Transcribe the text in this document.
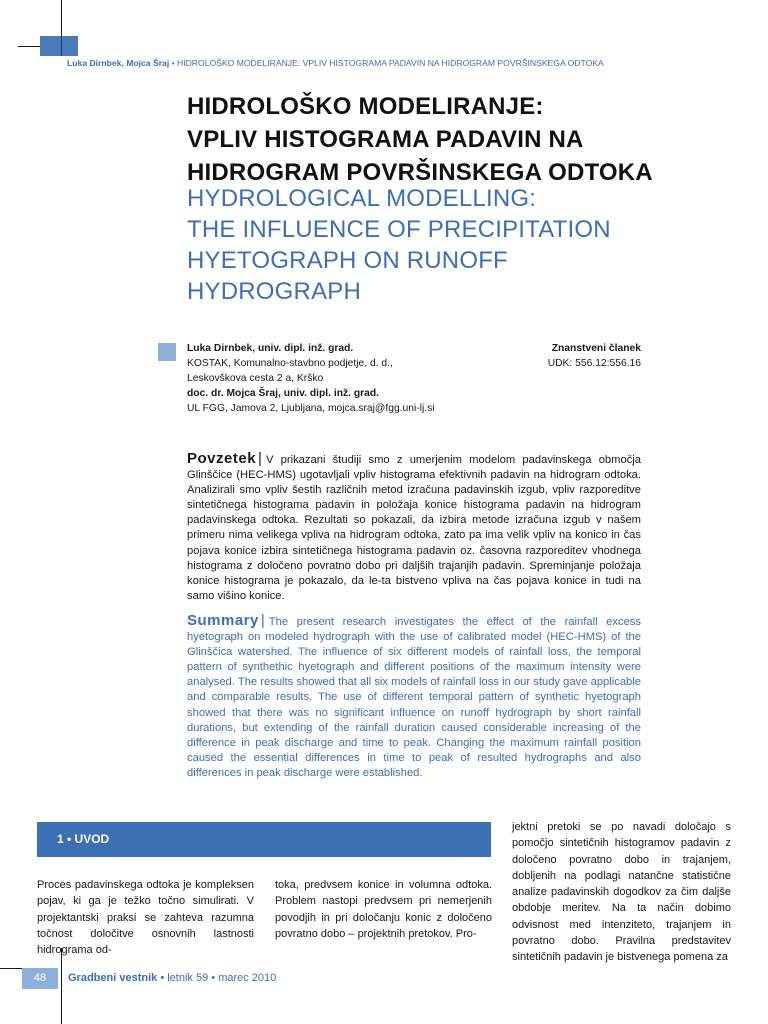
Luka Dirnbek, Mojca Šraj • HIDROLOŠKO MODELIRANJE: VPLIV HISTOGRAMA PADAVIN NA HIDROGRAM POVRŠINSKEGA ODTOKA
HIDROLOŠKO MODELIRANJE:
VPLIV HISTOGRAMA PADAVIN NA
HIDROGRAM POVRŠINSKEGA ODTOKA
HYDROLOGICAL MODELLING:
THE INFLUENCE OF PRECIPITATION
HYETOGRAPH ON RUNOFF
HYDROGRAPH
Luka Dirnbek, univ. dipl. inž. grad.
KOSTAK, Komunalno-stavbno podjetje, d. d.,
Leskovškova cesta 2 a, Krško
doc. dr. Mojca Šraj, univ. dipl. inž. grad.
UL FGG, Jamova 2, Ljubljana, mojca.sraj@fgg.uni-lj.si
Znanstveni članek
UDK: 556.12:556.16
Povzetek | V prikazani študiji smo z umerjenim modelom padavinskega območja Glinščice (HEC-HMS) ugotavljali vpliv histograma efektivnih padavin na hidrogram odtoka. Analizirali smo vpliv šestih različnih metod izračuna padavinskih izgub, vpliv razporeditve sintetičnega histograma padavin in položaja konice histograma padavin na hidrogram padavinskega odtoka. Rezultati so pokazali, da izbira metode izračuna izgub v našem primeru nima velikega vpliva na hidrogram odtoka, zato pa ima velik vpliv na konico in čas pojava konice izbira sintetičnega histograma padavin oz. časovna razporeditev vhodnega histograma z določeno povratno dobo pri daljših trajanjih padavin. Spreminjanje položaja konice histograma je pokazalo, da le-ta bistveno vpliva na čas pojava konice in tudi na samo višino konice.
Summary | The present research investigates the effect of the rainfall excess hyetograph on modeled hydrograph with the use of calibrated model (HEC-HMS) of the Glinščica watershed. The influence of six different models of rainfall loss, the temporal pattern of synthethic hyetograph and different positions of the maximum intensity were analysed. The results showed that all six models of rainfall loss in our study gave applicable and comparable results. The use of different temporal pattern of synthetic hyetograph showed that there was no significant influence on runoff hydrograph by short rainfall durations, but extending of the rainfall duration caused considerable increasing of the difference in peak discharge and time to peak. Changing the maximum rainfall position caused the essential differences in time to peak of resulted hydrographs and also differences in peak discharge were established.
1 • UVOD
Proces padavinskega odtoka je kompleksen pojav, ki ga je težko točno simulirati. V projektantski praksi se zahteva razumna točnost določitve osnovnih lastnosti hidrograma od-
toka, predvsem konice in volumna odtoka. Problem nastopi predvsem pri nemerjenih povodjih in pri določanju konic z določeno povratno dobo – projektnih pretokov. Pro-
jektni pretoki se po navadi določajo s pomočjo sintetičnih histogramov padavin z določeno povratno dobo in trajanjem, dobljenih na podlagi natančne statistične analize padavinskih dogodkov za čim daljše obdobje meritev. Na ta način dobimo odvisnost med intenziteto, trajanjem in povratno dobo. Pravilna predstavitev sintetičnih padavin je bistvenega pomena za
48	Gradbeni vestnik • letnik 59 • marec 2010
